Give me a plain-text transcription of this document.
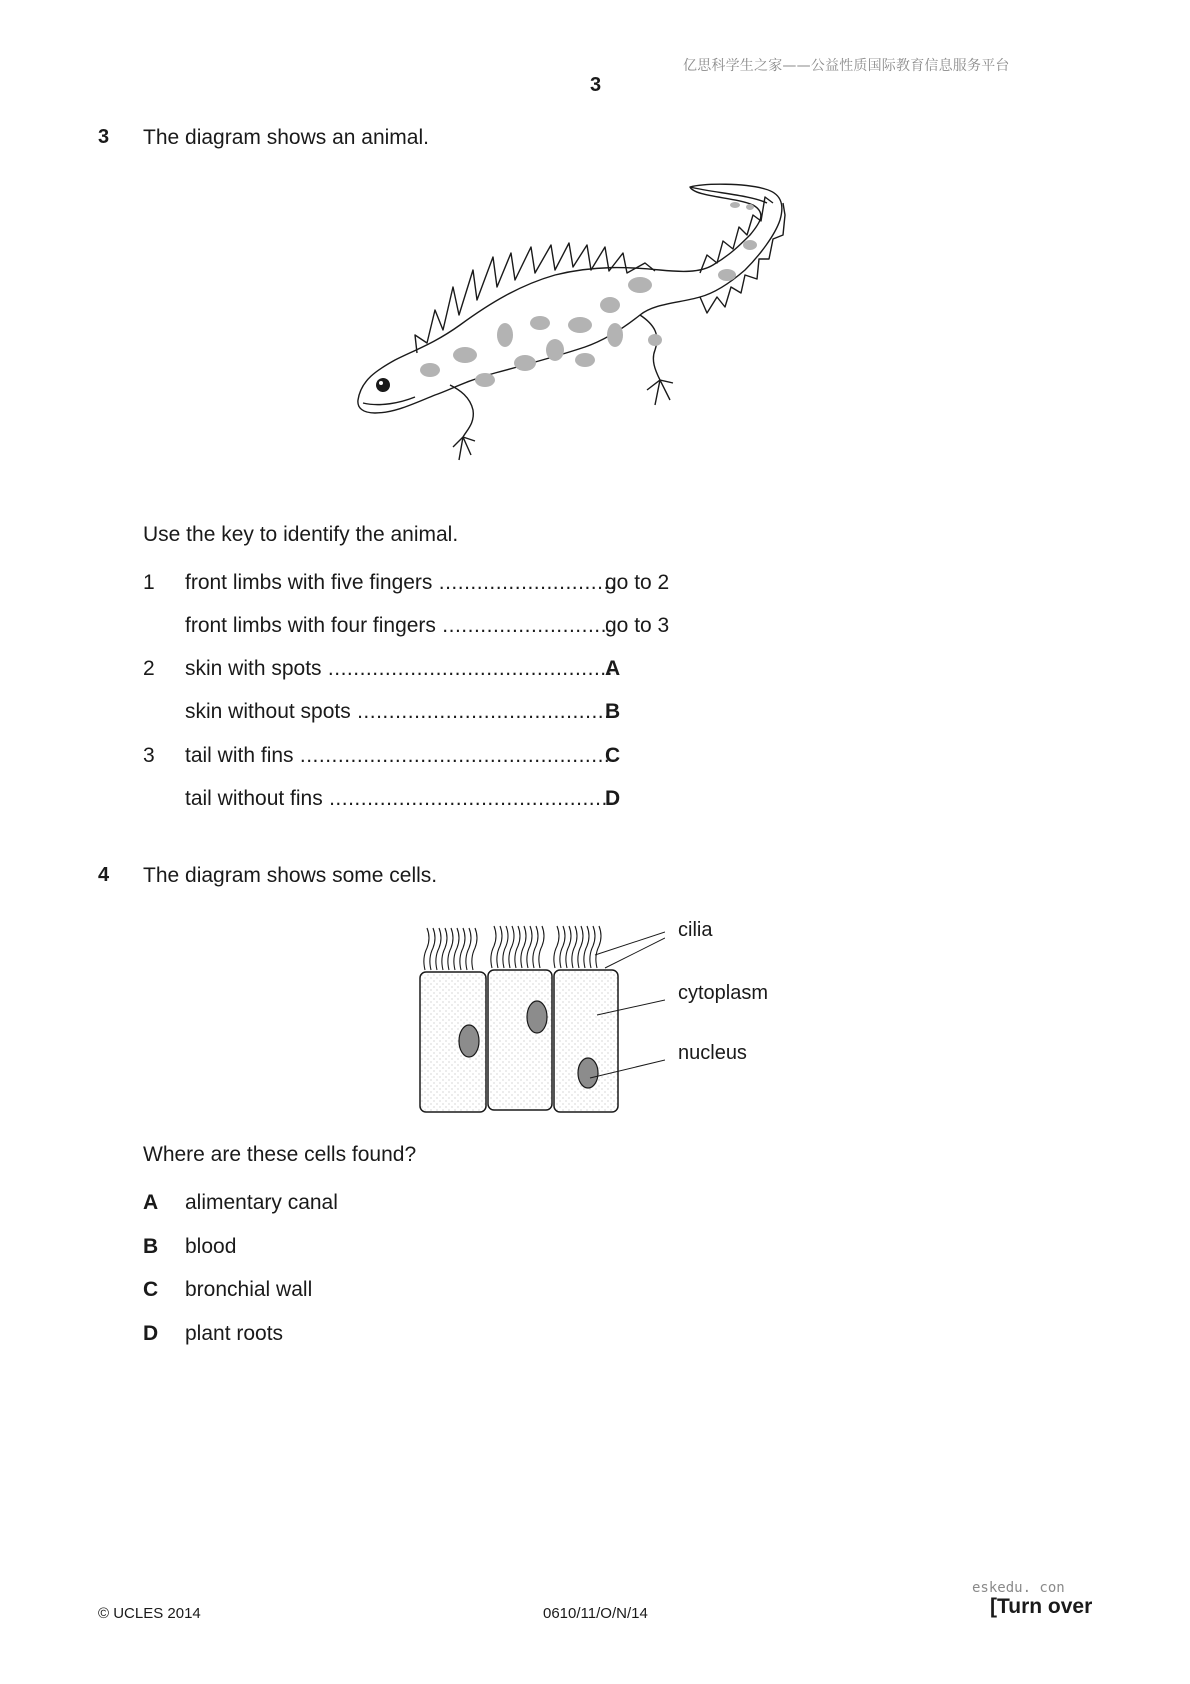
亿思科学生之家——公益性质国际教育信息服务平台
3
3 The diagram shows an animal.
Use the key to identify the animal.
1 front limbs with five fingers .....	go to 2
front limbs with four fingers .....	go to 3
2 skin with spots .....	A
skin without spots .....	B
3 tail with fins .....	C
tail without fins .....	D
4 The diagram shows some cells.
cilia
cytoplasm
nucleus
Where are these cells found?
A alimentary canal
B blood
C bronchial wall
D plant roots
eskedu. con
© UCLES 2014	0610/11/O/N/14	[Turn over
